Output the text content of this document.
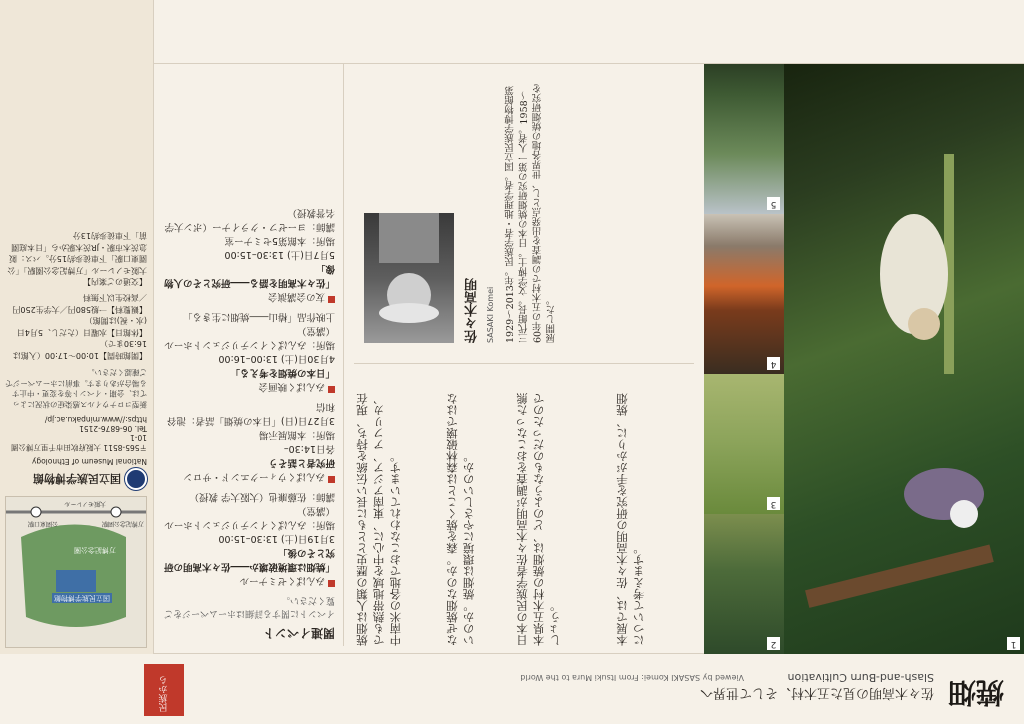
民族から	焼畑
佐々木高明の見た五木村、そして世界へ
Slash-and-Burn Cultivation
Viewed by SASAKI Komei: From Itsuki Mura to the World
1
2
3
4
5
焼畑は人類の歴史とともに長い伝統を持ち、現在でも熱帯地域を中心に、東南アジア、アフリカ、中南米の各地でおこなわれています。	なぜ焼畑なのか。森を焼くことは森林破壊ではないのか。焼畑は環境にやさしいのか。	日本の民族学者佐々木高明が調査をおこなった熊本県五木村の焼畑は、どのようなものだったのでしょう。	本展では、佐々木高明の研究を手がかりに、焼畑について考えます。
佐々木高明 SASAKI Komei 1929〜2013年。民族学者・地理学者。国立民族学博物館第三代館長。文学博士。日本の焼畑研究の第一人者。1958〜60年の五木村での調査を出発点とし、世界各地の焼畑研究を展開した。
関連イベント
イベントに関する詳細はホームページをご覧ください。
みんぱくゼミナール
「焼畑は環境破壊か――佐々木高明の研究とその後」
3月19日(土) 13:30–15:00
場所：みんぱくインテリジェントホール（講堂）
講師：佐藤廉也（大阪大学 教授）
みんぱくウィークエンド・サロン
研究者と話そう
各日14:30–
場所：本館展示場
3月27日(日)「日本の焼畑」話者：池谷和信
みんぱく映画会
「日本の焼畑を考える」
4月30日(土) 13:00–16:00
場所：みんぱくインテリジェントホール（講堂）
上映作品「椿山――焼畑に生きる」
友の会講演会
「佐々木高明を語る――研究とその人物像」
5月7日(土) 13:30–15:00
場所：本館第5セミナー室
講師：ヨーゼフ・クライナー（ボン大学 名誉教授）
国立民族学博物館
万博記念公園
万博記念公園駅
公園東口駅
大阪モノレール
国立民族学博物館
National Museum of Ethnology
〒565-8511 大阪府吹田市千里万博公園10-1
Tel. 06-6876-2151
https://www.minpaku.ac.jp/
新型コロナウイルス感染症の状況によっては、会期・イベント等を変更・中止する場合があります。事前にホームページでご確認ください。
【開館時間】10:00〜17:00（入館は16:30まで）
【休館日】水曜日（ただし、5月4日(水・祝)は開館）
【観覧料】一般580円／大学生250円／高校生以下無料
【交通のご案内】
大阪モノレール「万博記念公園駅」「公園東口駅」下車徒歩約15分。バス：阪急茨木市駅・JR茨木駅から「日本庭園前」下車徒歩約13分
